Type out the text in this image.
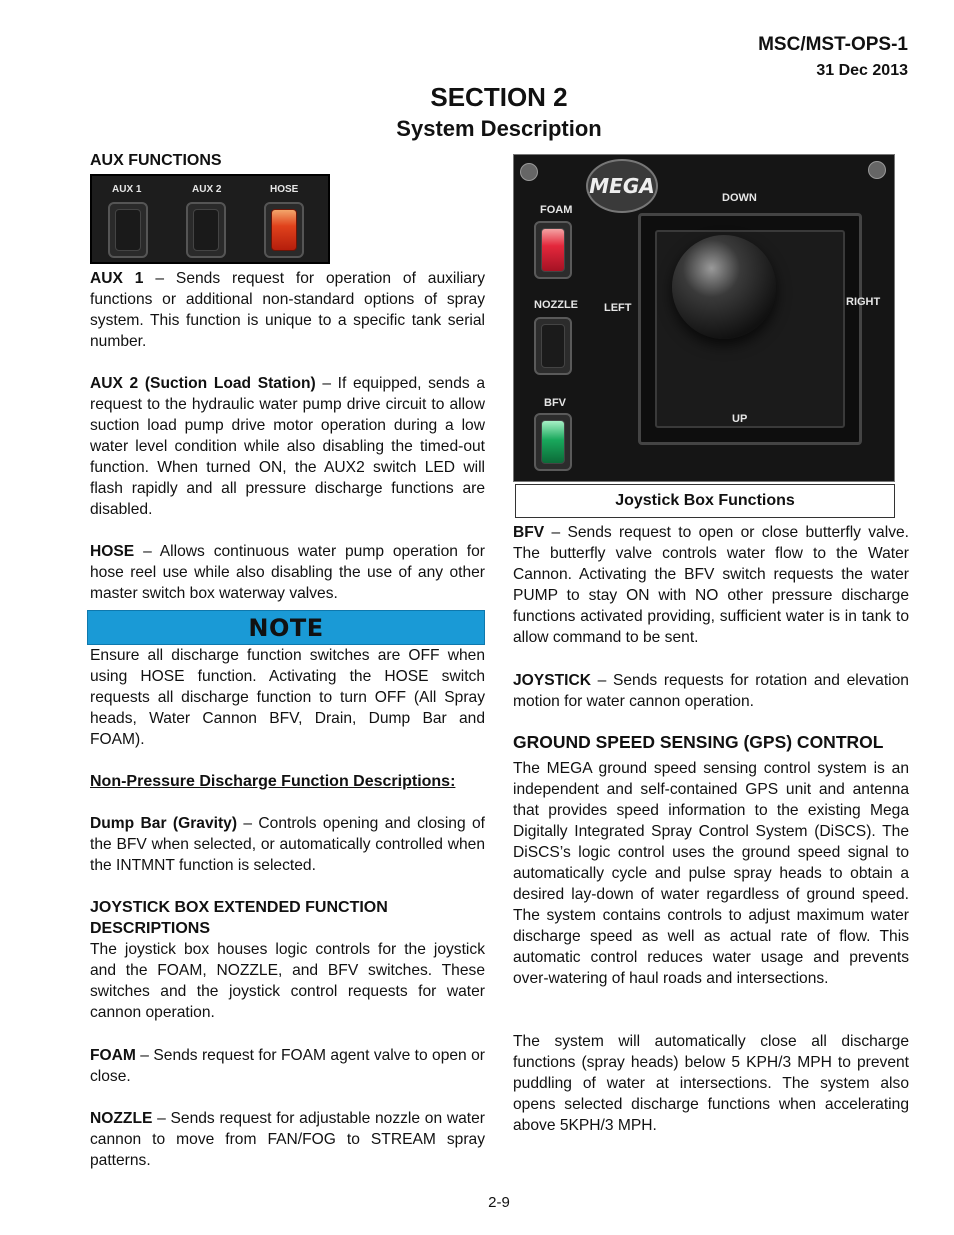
MSC/MST-OPS-1
31 Dec 2013
SECTION 2
System Description
AUX FUNCTIONS
AUX 1	AUX 2	HOSE

AUX 1 – Sends request for operation of auxiliary functions or additional non-standard options of spray system. This function is unique to a specific tank serial number.

AUX 2 (Suction Load Station) – If equipped, sends a request to the hydraulic water pump drive circuit to allow suction load pump drive motor operation during a low water level condition while also disabling the timed-out function. When turned ON, the AUX2 switch LED will flash rapidly and all pressure discharge functions are disabled.

HOSE – Allows continuous water pump operation for hose reel use while also disabling the use of any other master switch box waterway valves.

NOTE

Ensure all discharge function switches are OFF when using HOSE function. Activating the HOSE switch requests all discharge function to turn OFF (All Spray heads, Water Cannon BFV, Drain, Dump Bar and FOAM).

Non-Pressure Discharge Function Descriptions:

Dump Bar (Gravity) – Controls opening and closing of the BFV when selected, or automatically controlled when the INTMNT function is selected.

JOYSTICK BOX EXTENDED FUNCTION DESCRIPTIONS

The joystick box houses logic controls for the joystick and the FOAM, NOZZLE, and BFV switches. These switches and the joystick control requests for water cannon operation.

FOAM – Sends request for FOAM agent valve to open or close.

NOZZLE – Sends request for adjustable nozzle on water cannon to move from FAN/FOG to STREAM spray patterns.

MEGA
FOAM
NOZZLE
BFV
DOWN
LEFT	RIGHT
UP
Joystick Box Functions

BFV – Sends request to open or close butterfly valve. The butterfly valve controls water flow to the Water Cannon. Activating the BFV switch requests the water PUMP to stay ON with NO other pressure discharge functions activated providing, sufficient water is in tank to allow command to be sent.

JOYSTICK – Sends requests for rotation and elevation motion for water cannon operation.

GROUND SPEED SENSING (GPS) CONTROL

The MEGA ground speed sensing control system is an independent and self-contained GPS unit and antenna that provides speed information to the existing Mega Digitally Integrated Spray Control System (DiSCS). The DiSCS’s logic control uses the ground speed signal to automatically cycle and pulse spray heads to obtain a desired lay-down of water regardless of ground speed. The system contains controls to adjust maximum water discharge speed as well as actual rate of flow. This automatic control reduces water usage and prevents over-watering of haul roads and intersections.

The system will automatically close all discharge functions (spray heads) below 5 KPH/3 MPH to prevent puddling of water at intersections. The system also opens selected discharge functions when accelerating above 5KPH/3 MPH.

2-9
